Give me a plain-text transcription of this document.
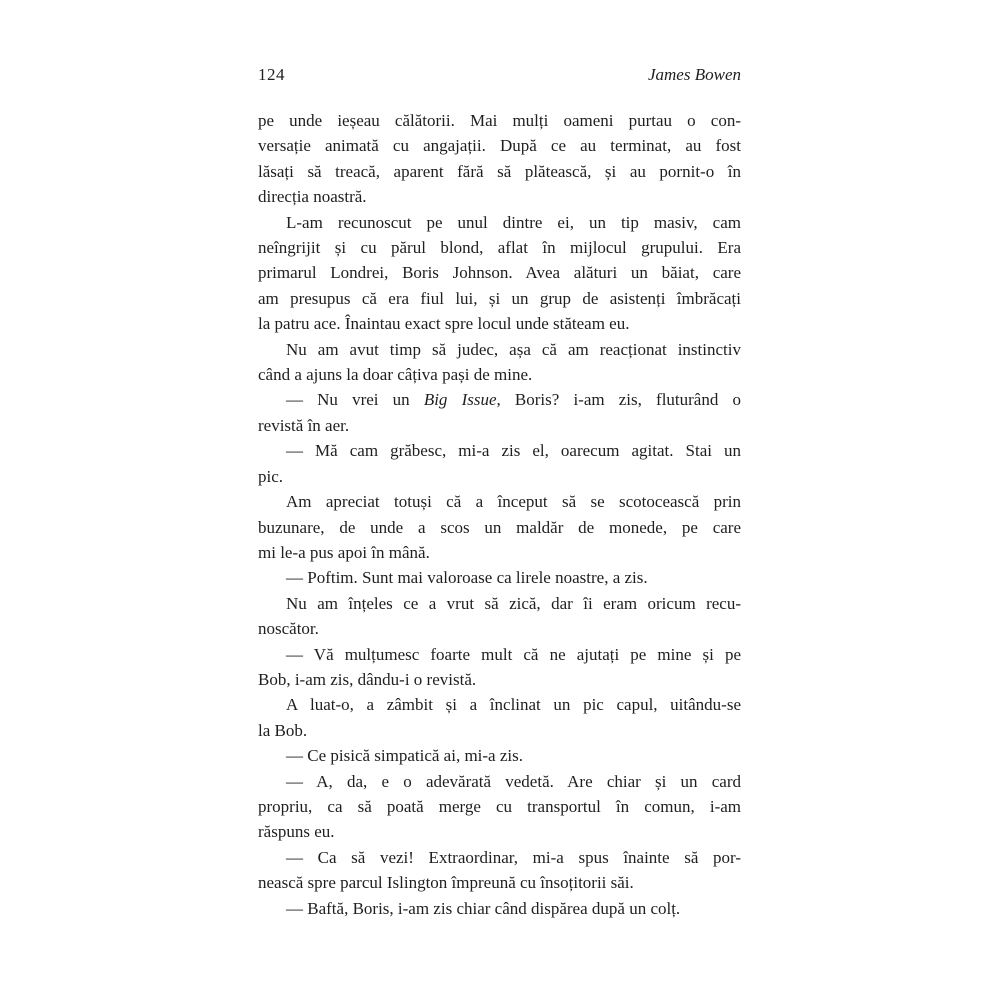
124	James Bowen
pe unde ieșeau călătorii. Mai mulți oameni purtau o con-
versație animată cu angajații. După ce au terminat, au fost
lăsați să treacă, aparent fără să plătească, și au pornit-o în
direcția noastră.
L-am recunoscut pe unul dintre ei, un tip masiv, cam
neîngrijit și cu părul blond, aflat în mijlocul grupului. Era
primarul Londrei, Boris Johnson. Avea alături un băiat, care
am presupus că era fiul lui, și un grup de asistenți îmbrăcați
la patru ace. Înaintau exact spre locul unde stăteam eu.
Nu am avut timp să judec, așa că am reacționat instinctiv
când a ajuns la doar câțiva pași de mine.
— Nu vrei un Big Issue, Boris? i-am zis, fluturând o
revistă în aer.
— Mă cam grăbesc, mi-a zis el, oarecum agitat. Stai un
pic.
Am apreciat totuși că a început să se scotocească prin
buzunare, de unde a scos un maldăr de monede, pe care
mi le-a pus apoi în mână.
— Poftim. Sunt mai valoroase ca lirele noastre, a zis.
Nu am înțeles ce a vrut să zică, dar îi eram oricum recu-
noscător.
— Vă mulțumesc foarte mult că ne ajutați pe mine și pe
Bob, i-am zis, dându-i o revistă.
A luat-o, a zâmbit și a înclinat un pic capul, uitându-se
la Bob.
— Ce pisică simpatică ai, mi-a zis.
— A, da, e o adevărată vedetă. Are chiar și un card
propriu, ca să poată merge cu transportul în comun, i-am
răspuns eu.
— Ca să vezi! Extraordinar, mi-a spus înainte să por-
nească spre parcul Islington împreună cu însoțitorii săi.
— Baftă, Boris, i-am zis chiar când dispărea după un colț.
